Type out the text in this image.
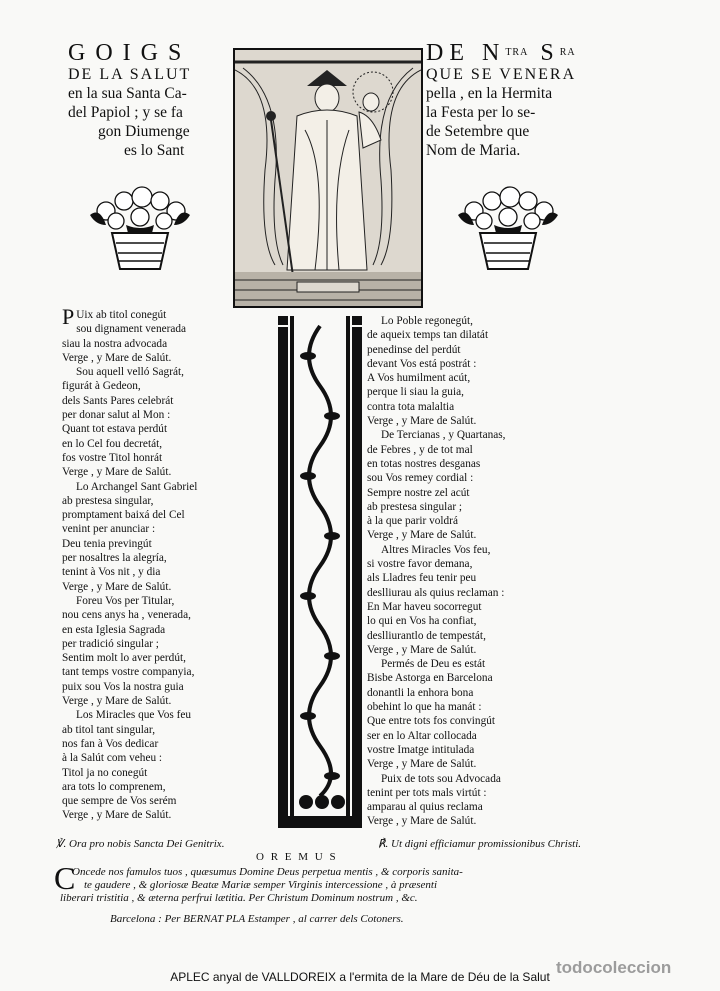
GOIGS
DE LA SALUT
en la sua Santa Ca-
del Papiol ; y se fa
gon Diumenge
es lo Sant
DE $N^{TRA}$ $S^{RA}$
QUE SE VENERA
pella , en la Hermita
la Festa per lo se-
de Setembre que
Nom de Maria.
P Uix ab titol conegút
sou dignament venerada
siau la nostra advocada
Verge , y Mare de Salút.
Sou aquell velló Sagrát,
figurát à Gedeon,
dels Sants Pares celebrát
per donar salut al Mon :
Quant tot estava perdút
en lo Cel fou decretát,
fos vostre Titol honrát
Verge , y Mare de Salút.
Lo Archangel Sant Gabriel
ab prestesa singular,
promptament baixá del Cel
venint per anunciar :
Deu tenia previngút
per nosaltres la alegría,
tenint à Vos nit , y dia
Verge , y Mare de Salút.
Foreu Vos per Titular,
nou cens anys ha , venerada,
en esta Iglesia Sagrada
per tradició singular ;
Sentim molt lo aver perdút,
tant temps vostre companyia,
puix sou Vos la nostra guia
Verge , y Mare de Salút.
Los Miracles que Vos feu
ab titol tant singular,
nos fan à Vos dedicar
à la Salút com veheu :
Titol ja no conegút
ara tots lo comprenem,
que sempre de Vos serém
Verge , y Mare de Salút.
Lo Poble regonegút,
de aqueix temps tan dilatát
penedinse del perdút
devant Vos está postrát :
A Vos humilment acút,
perque li siau la guia,
contra tota malaltia
Verge , y Mare de Salút.
De Tercianas , y Quartanas,
de Febres , y de tot mal
en totas nostres desganas
sou Vos remey cordial :
Sempre nostre zel acút
ab prestesa singular ;
à la que parir voldrá
Verge , y Mare de Salút.
Altres Miracles Vos feu,
si vostre favor demana,
als Lladres feu tenir peu
deslliurau als quius reclaman :
En Mar haveu socorregut
lo qui en Vos ha confiat,
deslliurantlo de tempestát,
Verge , y Mare de Salút.
Permés de Deu es estát
Bisbe Astorga en Barcelona
donantli la enhora bona
obehint lo que ha manát :
Que entre tots fos convingút
ser en lo Altar collocada
vostre Imatge intitulada
Verge , y Mare de Salút.
Puix de tots sou Advocada
tenint per tots mals virtút :
amparau al quius reclama
Verge , y Mare de Salút.
℣. Ora pro nobis Sancta Dei Genitrix.	℟. Ut digni efficiamur promissionibus Christi.
O R E M U S
C
Oncede nos famulos tuos , quæsumus Domine Deus perpetua mentis , & corporis sanita-
te gaudere , & gloriosæ Beatæ Mariæ semper Virginis intercessione , à præsenti
liberari tristitia , & æterna perfrui lætitia. Per Christum Dominum nostrum , &c.
Barcelona : Per BERNAT PLA Estamper , al carrer dels Cotoners.
APLEC anyal de VALLDOREIX a l'ermita de la Mare de Déu de la Salut todocoleccion
